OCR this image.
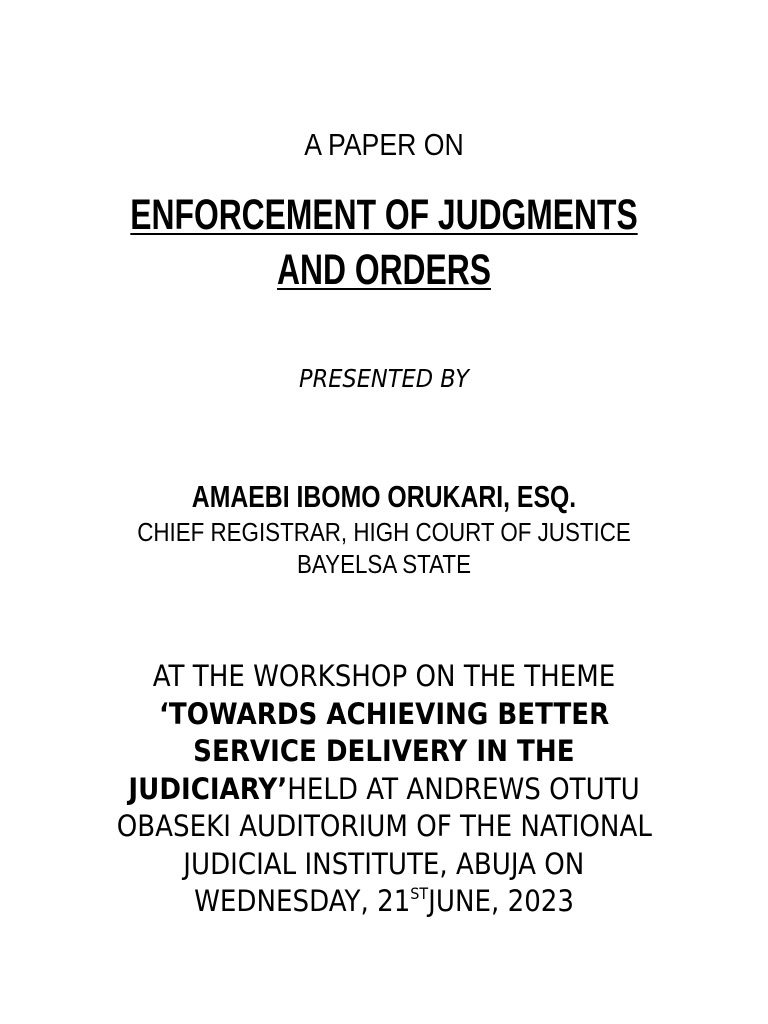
A PAPER ON
ENFORCEMENT OF JUDGMENTS
AND ORDERS
PRESENTED BY
AMAEBI IBOMO ORUKARI, ESQ.
CHIEF REGISTRAR, HIGH COURT OF JUSTICE
BAYELSA STATE
AT THE WORKSHOP ON THE THEME
‘TOWARDS ACHIEVING BETTER
SERVICE DELIVERY IN THE
JUDICIARY’HELD AT ANDREWS OTUTU
OBASEKI AUDITORIUM OF THE NATIONAL
JUDICIAL INSTITUTE, ABUJA ON
WEDNESDAY, 21STJUNE, 2023
